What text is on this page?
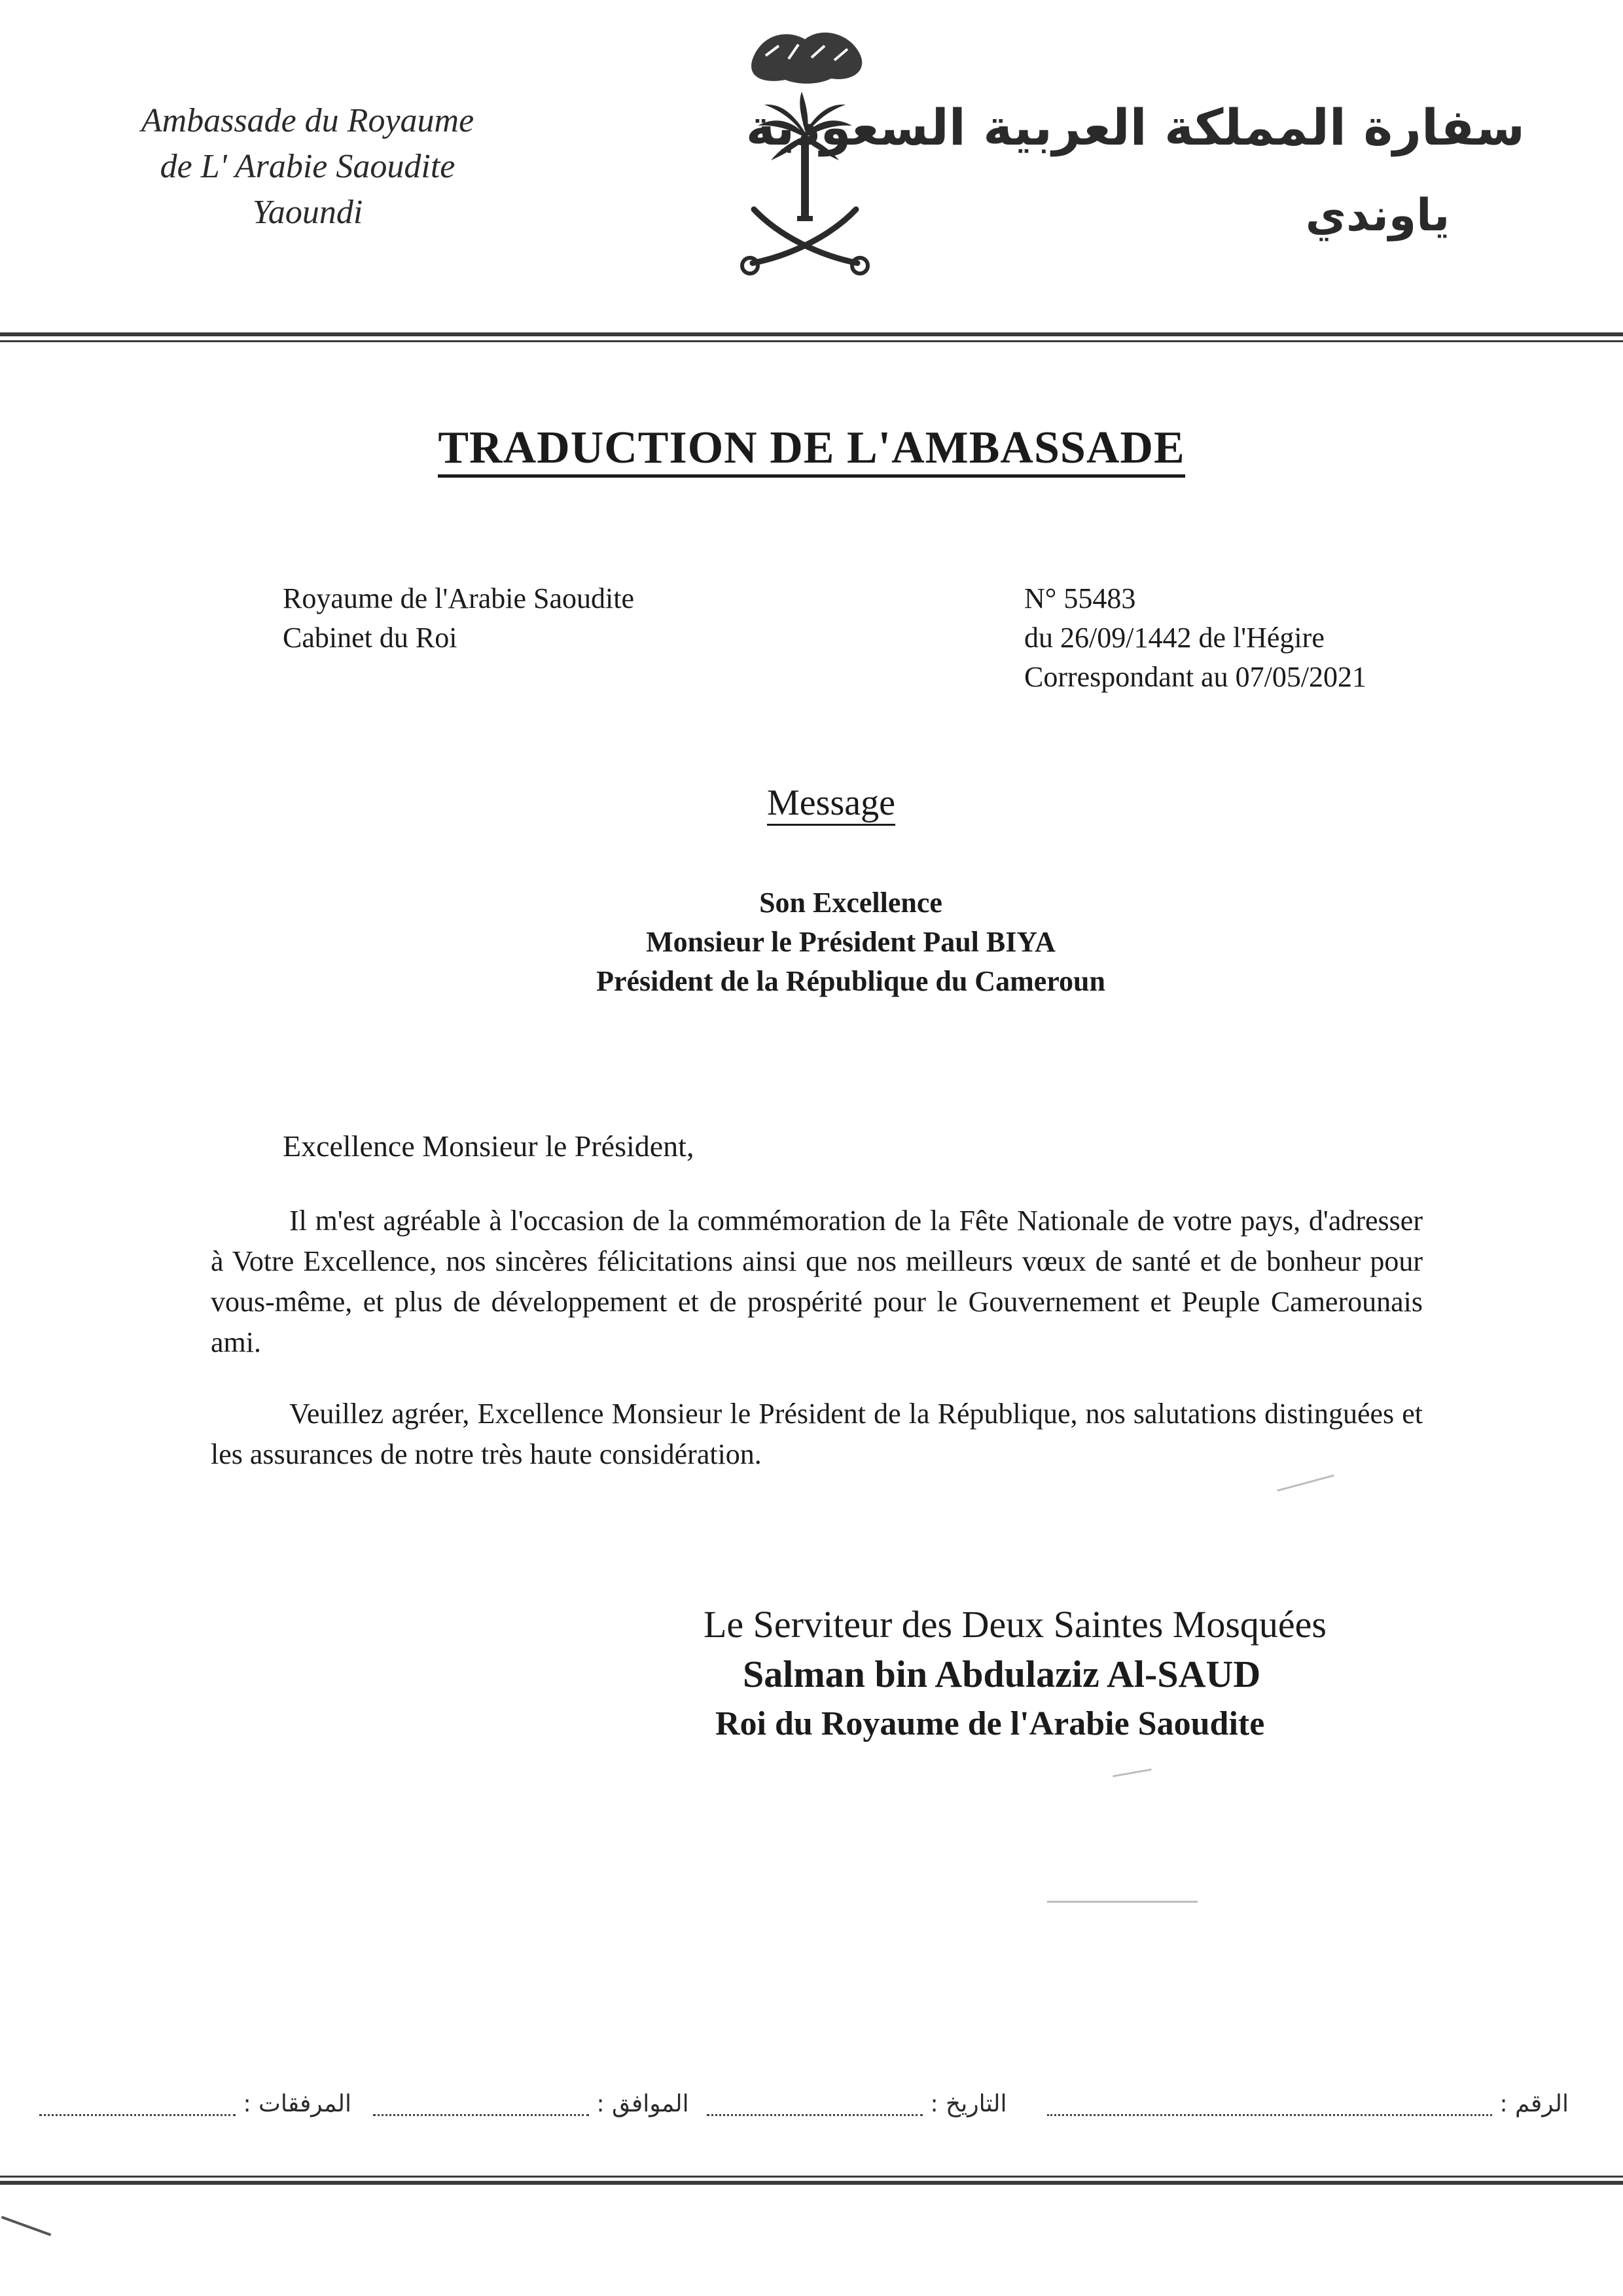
Ambassade du Royaume
de L' Arabie Saoudite
Yaoundi
سفارة المملكة العربية السعودية
ياوندي
TRADUCTION DE L'AMBASSADE
Royaume de l'Arabie Saoudite
Cabinet du Roi
N° 55483
du 26/09/1442 de l'Hégire
Correspondant au 07/05/2021
Message
Son Excellence
Monsieur le Président Paul BIYA
Président de la République du Cameroun
Excellence Monsieur le Président,
Il m'est agréable à l'occasion de la commémoration de la Fête Nationale de votre pays, d'adresser à Votre Excellence, nos sincères félicitations ainsi que nos meilleurs vœux de santé et de bonheur pour vous-même, et plus de développement et de prospérité pour le Gouvernement et Peuple Camerounais ami.
Veuillez agréer, Excellence Monsieur le Président de la République, nos salutations distinguées et les assurances de notre très haute considération.
Le Serviteur des Deux Saintes Mosquées
Salman bin Abdulaziz Al-SAUD
Roi du Royaume de l'Arabie Saoudite
المرفقات :	الموافق :	التاريخ :	الرقم :
